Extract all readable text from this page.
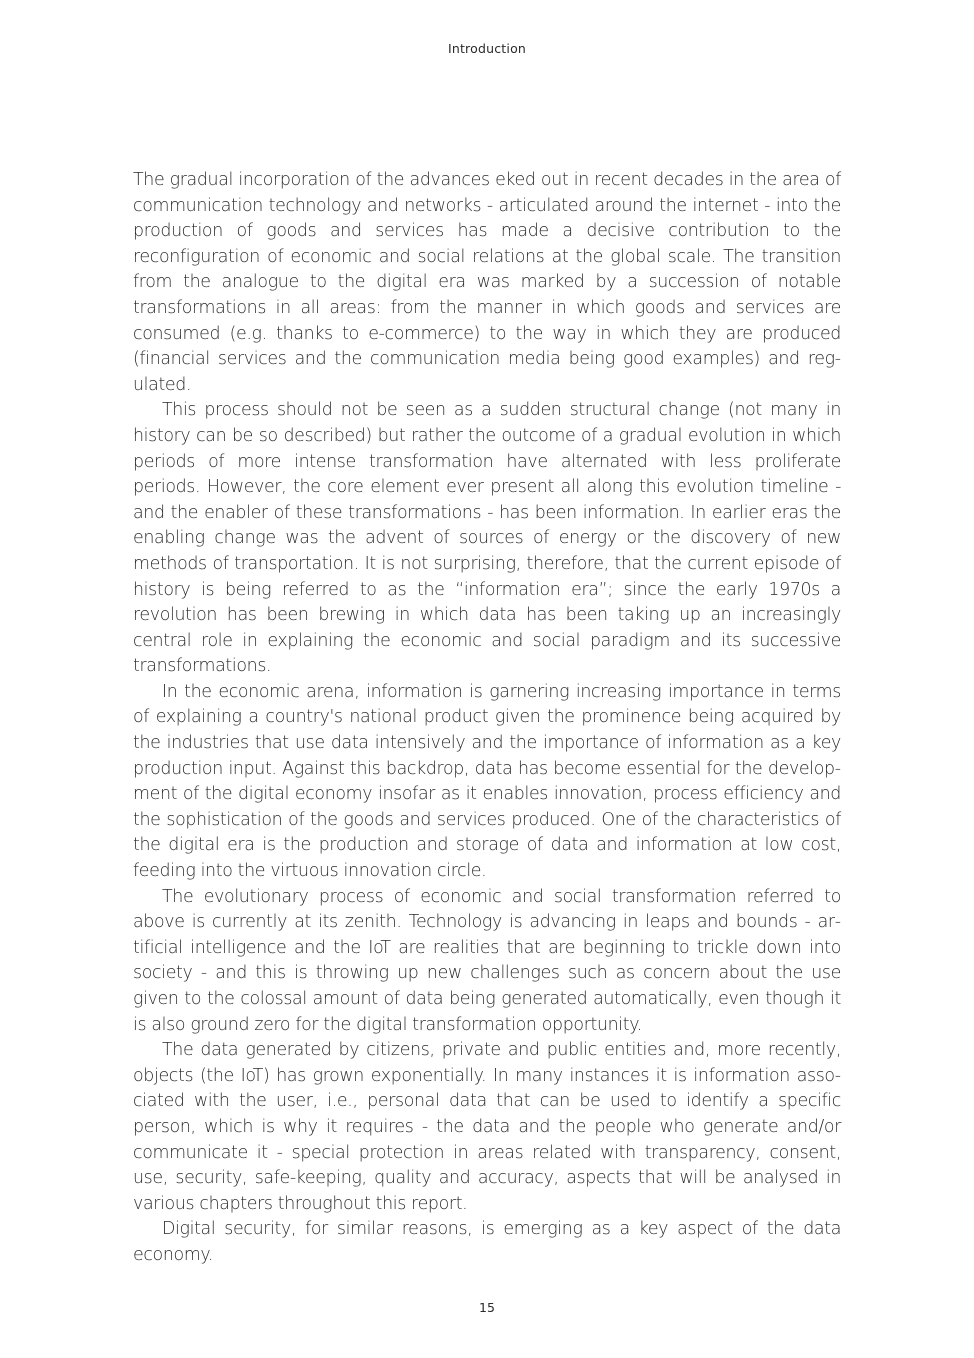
Introduction

The gradual incorporation of the advances eked out in recent decades in the area of communication technology and networks - articulated around the internet - into the production of goods and services has made a decisive contribution to the reconfiguration of economic and social relations at the global scale. The transition from the analogue to the digital era was marked by a succession of notable transformations in all areas: from the manner in which goods and services are consumed (e.g. thanks to e-commerce) to the way in which they are produced (financial services and the communication media being good examples) and regulated.

This process should not be seen as a sudden structural change (not many in history can be so described) but rather the outcome of a gradual evolution in which periods of more intense transformation have alternated with less proliferate periods. However, the core element ever present all along this evolution timeline - and the enabler of these transformations - has been information. In earlier eras the enabling change was the advent of sources of energy or the discovery of new methods of transportation. It is not surprising, therefore, that the current episode of history is being referred to as the “information era”; since the early 1970s a revolution has been brewing in which data has been taking up an increasingly central role in explaining the economic and social paradigm and its successive transformations.

In the economic arena, information is garnering increasing importance in terms of explaining a country's national product given the prominence being acquired by the industries that use data intensively and the importance of information as a key production input. Against this backdrop, data has become essential for the development of the digital economy insofar as it enables innovation, process efficiency and the sophistication of the goods and services produced. One of the characteristics of the digital era is the production and storage of data and information at low cost, feeding into the virtuous innovation circle.

The evolutionary process of economic and social transformation referred to above is currently at its zenith. Technology is advancing in leaps and bounds - artificial intelligence and the IoT are realities that are beginning to trickle down into society - and this is throwing up new challenges such as concern about the use given to the colossal amount of data being generated automatically, even though it is also ground zero for the digital transformation opportunity.

The data generated by citizens, private and public entities and, more recently, objects (the IoT) has grown exponentially. In many instances it is information associated with the user, i.e., personal data that can be used to identify a specific person, which is why it requires - the data and the people who generate and/or communicate it - special protection in areas related with transparency, consent, use, security, safe-keeping, quality and accuracy, aspects that will be analysed in various chapters throughout this report.

Digital security, for similar reasons, is emerging as a key aspect of the data economy.

15
